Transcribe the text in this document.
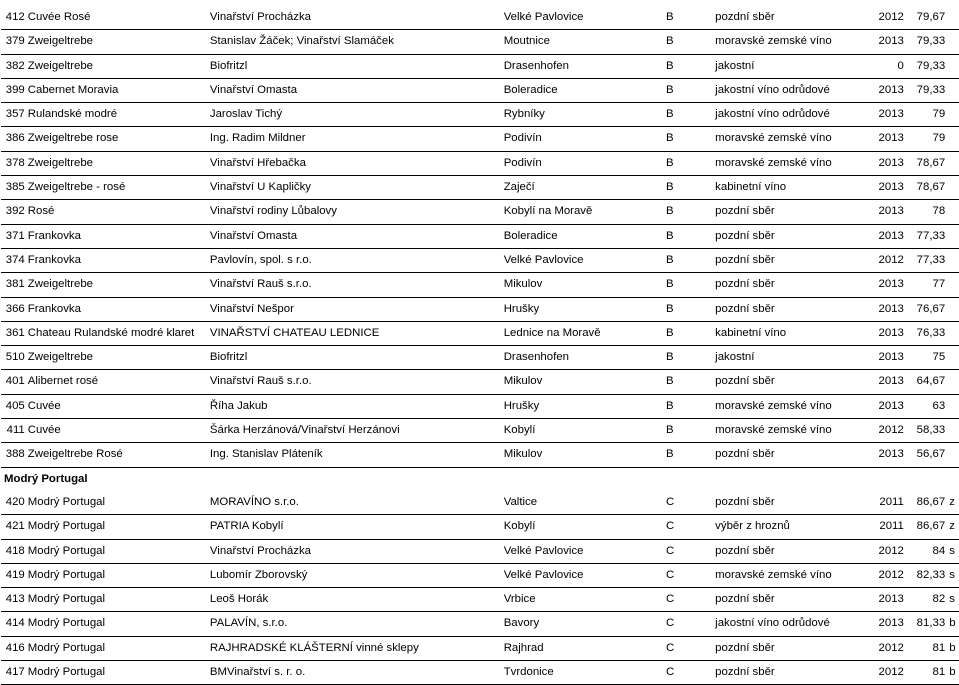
412	Cuvée Rosé	Vinařství Procházka	Velké Pavlovice	B	pozdní sběr	2012	79,67	
379	Zweigeltrebe	Stanislav Žáček; Vinařství Slamáček	Moutnice	B	moravské zemské víno	2013	79,33	
382	Zweigeltrebe	Biofritzl	Drasenhofen	B	jakostní	0	79,33	
399	Cabernet Moravia	Vinařství Omasta	Boleradice	B	jakostní víno odrůdové	2013	79,33	
357	Rulandské modré	Jaroslav Tichý	Rybníky	B	jakostní víno odrůdové	2013	79	
386	Zweigeltrebe rose	Ing. Radim Mildner	Podivín	B	moravské zemské víno	2013	79	
378	Zweigeltrebe	Vinařství Hřebačka	Podivín	B	moravské zemské víno	2013	78,67	
385	Zweigeltrebe - rosé	Vinařství U Kapličky	Zaječí	B	kabinetní víno	2013	78,67	
392	Rosé	Vinařství rodiny Lůbalovy	Kobylí na Moravě	B	pozdní sběr	2013	78	
371	Frankovka	Vinařství Omasta	Boleradice	B	pozdní sběr	2013	77,33	
374	Frankovka	Pavlovín, spol. s r.o.	Velké Pavlovice	B	pozdní sběr	2012	77,33	
381	Zweigeltrebe	Vinařství Rauš s.r.o.	Mikulov	B	pozdní sběr	2013	77	
366	Frankovka	Vinařství Nešpor	Hrušky	B	pozdní sběr	2013	76,67	
361	Chateau Rulandské modré klaret	VINAŘSTVÍ CHATEAU LEDNICE	Lednice na Moravě	B	kabinetní víno	2013	76,33	
510	Zweigeltrebe	Biofritzl	Drasenhofen	B	jakostní	2013	75	
401	Alibernet rosé	Vinařství Rauš s.r.o.	Mikulov	B	pozdní sběr	2013	64,67	
405	Cuvée	Říha Jakub	Hrušky	B	moravské zemské víno	2013	63	
411	Cuvée	Šárka Herzánová/Vinařství Herzánovi	Kobylí	B	moravské zemské víno	2012	58,33	
388	Zweigeltrebe Rosé	Ing. Stanislav Pláteník	Mikulov	B	pozdní sběr	2013	56,67	
Modrý Portugal								
420	Modrý Portugal	MORAVÍNO s.r.o.	Valtice	C	pozdní sběr	2011	86,67	z
421	Modrý Portugal	PATRIA Kobylí	Kobylí	C	výběr z hroznů	2011	86,67	z
418	Modrý Portugal	Vinařství Procházka	Velké Pavlovice	C	pozdní sběr	2012	84	s
419	Modrý Portugal	Lubomír Zborovský	Velké Pavlovice	C	moravské zemské víno	2012	82,33	s
413	Modrý Portugal	Leoš Horák	Vrbice	C	pozdní sběr	2013	82	s
414	Modrý Portugal	PALAVÍN, s.r.o.	Bavory	C	jakostní víno odrůdové	2013	81,33	b
416	Modrý Portugal	RAJHRADSKÉ KLÁŠTERNÍ vinné sklepy	Rajhrad	C	pozdní sběr	2012	81	b
417	Modrý Portugal	BMVinařství s. r. o.	Tvrdonice	C	pozdní sběr	2012	81	b
